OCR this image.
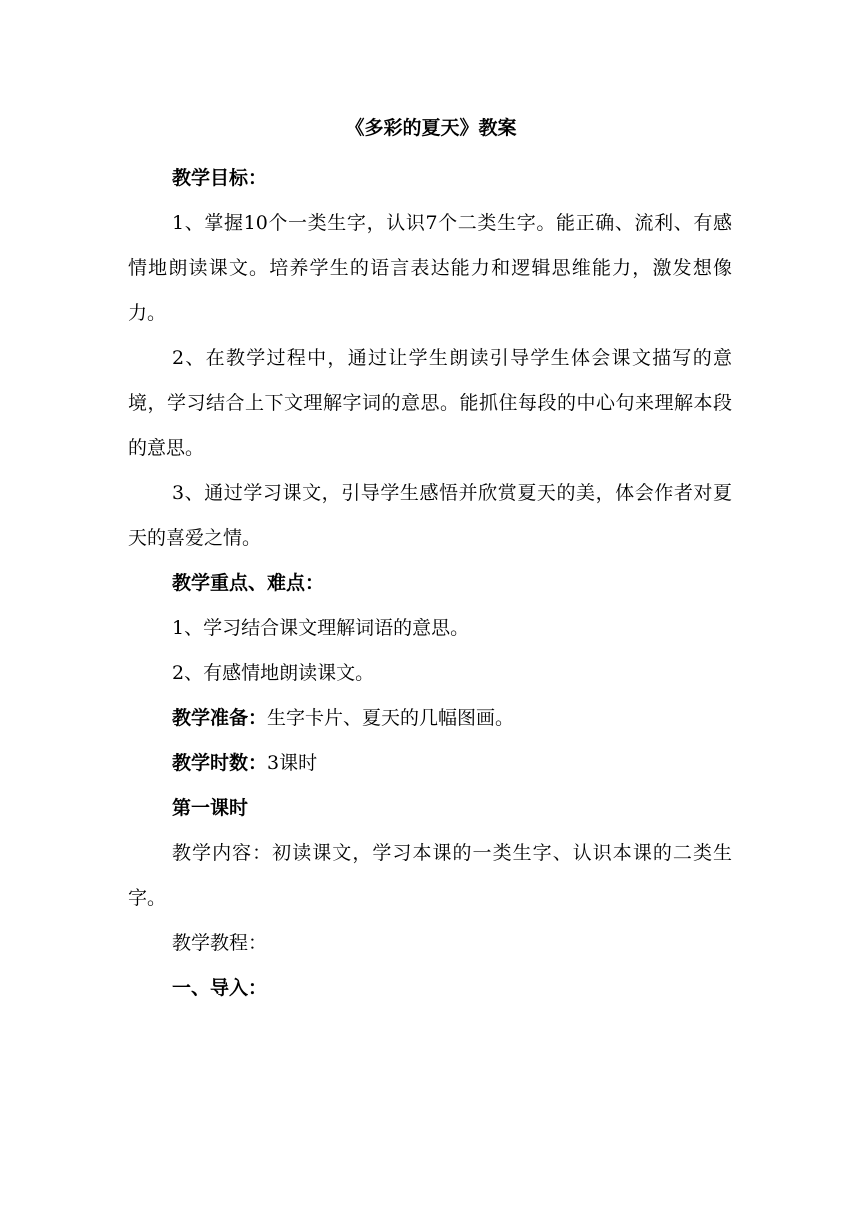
《多彩的夏天》教案

教学目标：

1、掌握10个一类生字，认识7个二类生字。能正确、流利、有感情地朗读课文。培养学生的语言表达能力和逻辑思维能力，激发想像力。

2、在教学过程中，通过让学生朗读引导学生体会课文描写的意境，学习结合上下文理解字词的意思。能抓住每段的中心句来理解本段的意思。

3、通过学习课文，引导学生感悟并欣赏夏天的美，体会作者对夏天的喜爱之情。

教学重点、难点：

1、学习结合课文理解词语的意思。

2、有感情地朗读课文。

教学准备：生字卡片、夏天的几幅图画。

教学时数：3课时

第一课时

教学内容：初读课文，学习本课的一类生字、认识本课的二类生字。

教学教程：

一、导入：
